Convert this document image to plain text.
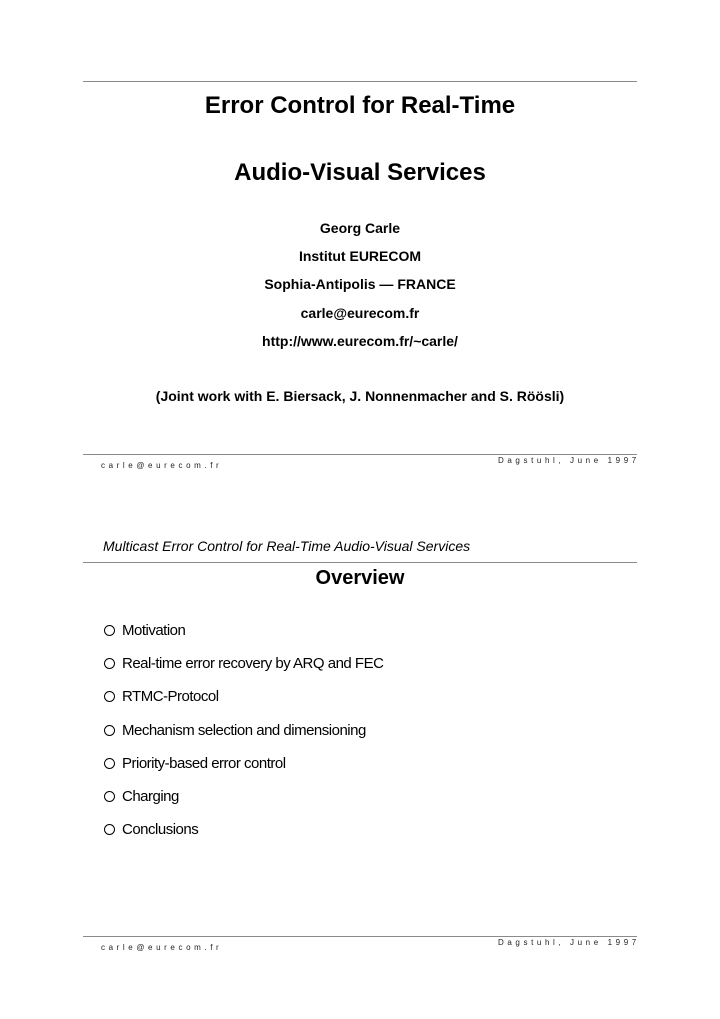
Error Control for Real-Time
Audio-Visual Services
Georg Carle
Institut EURECOM
Sophia-Antipolis — FRANCE
carle@eurecom.fr
http://www.eurecom.fr/~carle/
(Joint work with E. Biersack, J. Nonnenmacher and S. Röösli)
carle@eurecom.fr
Dagstuhl, June 1997
Multicast Error Control for Real-Time Audio-Visual Services
Overview
Motivation
Real-time error recovery by ARQ and FEC
RTMC-Protocol
Mechanism selection and dimensioning
Priority-based error control
Charging
Conclusions
carle@eurecom.fr
Dagstuhl, June 1997
